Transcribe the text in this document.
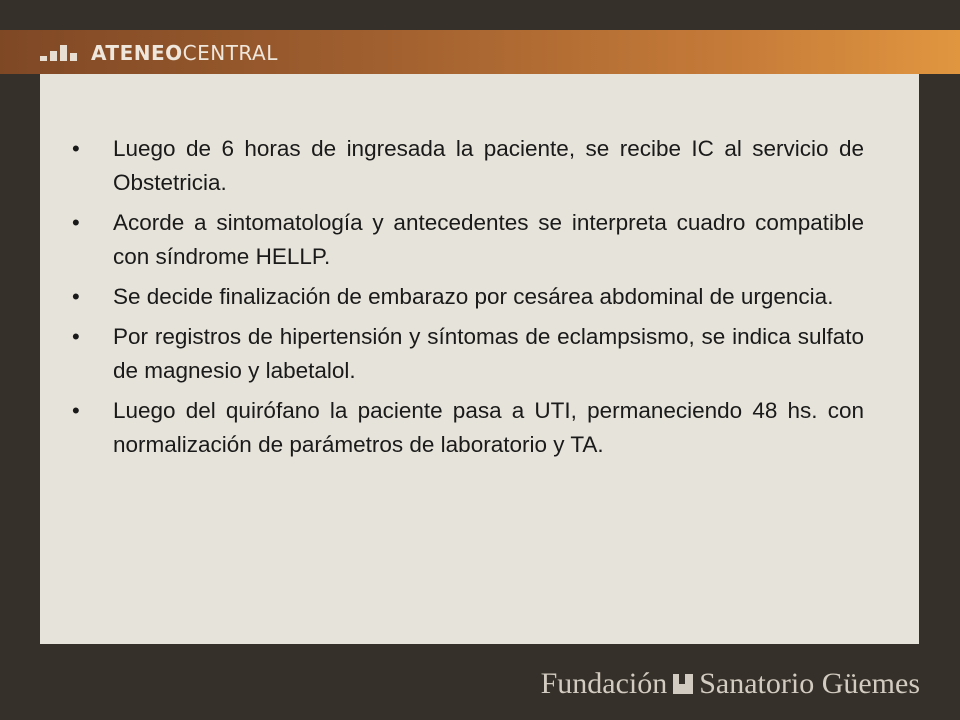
ATENEOCENTRAL
• Luego de 6 horas de ingresada la paciente, se recibe IC al servicio de Obstetricia.
• Acorde a sintomatología y antecedentes se interpreta cuadro compatible con síndrome HELLP.
• Se decide finalización de embarazo por cesárea abdominal de urgencia.
• Por registros de hipertensión y síntomas de eclampsismo, se indica sulfato de magnesio y labetalol.
• Luego del quirófano la paciente pasa a UTI, permaneciendo 48 hs. con normalización de parámetros de laboratorio y TA.
Fundación Sanatorio Güemes
